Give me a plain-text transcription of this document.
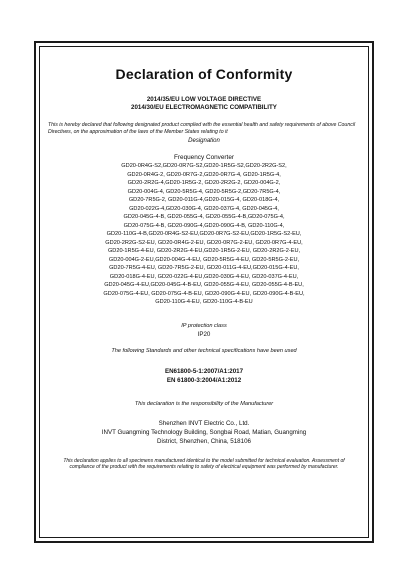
Declaration of Conformity
2014/35/EU LOW VOLTAGE DIRECTIVE
2014/30/EU ELECTROMAGNETIC COMPATIBILITY
This is hereby declared that following designated product complied with the essential health and safety requirements of above Council Directives, on the approximation of the laws of the Member States relating to it
Designation
Frequency Converter
GD20-0R4G-S2,GD20-0R7G-S2,GD20-1R5G-S2,GD20-2R2G-S2,
GD20-0R4G-2, GD20-0R7G-2,GD20-0R7G-4, GD20-1R5G-4,
GD20-2R2G-4,GD20-1R5G-2, GD20-2R2G-2, GD20-004G-2,
GD20-004G-4, GD20-5R5G-4, GD20-5R5G-2,GD20-7R5G-4,
GD20-7R5G-2, GD20-011G-4,GD20-015G-4, GD20-018G-4,
GD20-022G-4,GD20-030G-4, GD20-037G-4, GD20-045G-4,
GD20-045G-4-B, GD20-055G-4, GD20-055G-4-B,GD20-075G-4,
GD20-075G-4-B, GD20-090G-4,GD20-090G-4-B, GD20-110G-4,
GD20-110G-4-B,GD20-0R4G-S2-EU,GD20-0R7G-S2-EU,GD20-1R5G-S2-EU,
GD20-2R2G-S2-EU, GD20-0R4G-2-EU, GD20-0R7G-2-EU, GD20-0R7G-4-EU,
GD20-1R5G-4-EU, GD20-2R2G-4-EU,GD20-1R5G-2-EU, GD20-2R2G-2-EU,
GD20-004G-2-EU,GD20-004G-4-EU, GD20-5R5G-4-EU, GD20-5R5G-2-EU,
GD20-7R5G-4-EU, GD20-7R5G-2-EU, GD20-011G-4-EU,GD20-015G-4-EU,
GD20-018G-4-EU, GD20-022G-4-EU,GD20-030G-4-EU, GD20-037G-4-EU,
GD20-045G-4-EU,GD20-045G-4-B-EU, GD20-055G-4-EU, GD20-055G-4-B-EU,
GD20-075G-4-EU, GD20-075G-4-B-EU, GD20-090G-4-EU, GD20-090G-4-B-EU,
GD20-110G-4-EU, GD20-110G-4-B-EU
IP protection class
IP20
The following Standards and other technical specifications have been used
EN61800-5-1:2007/A1:2017
EN 61800-3:2004/A1:2012
This declaration is the responsibility of the Manufacturer
Shenzhen INVT Electric Co., Ltd.
INVT Guangming Technology Building, Songbai Road, Matian, Guangming
District, Shenzhen, China, 518106
This declaration applies to all specimens manufactured identical to the model submitted for technical evaluation. Assessment of compliance of the product with the requirements relating to safety of electrical equipment was performed by manufacturer.
